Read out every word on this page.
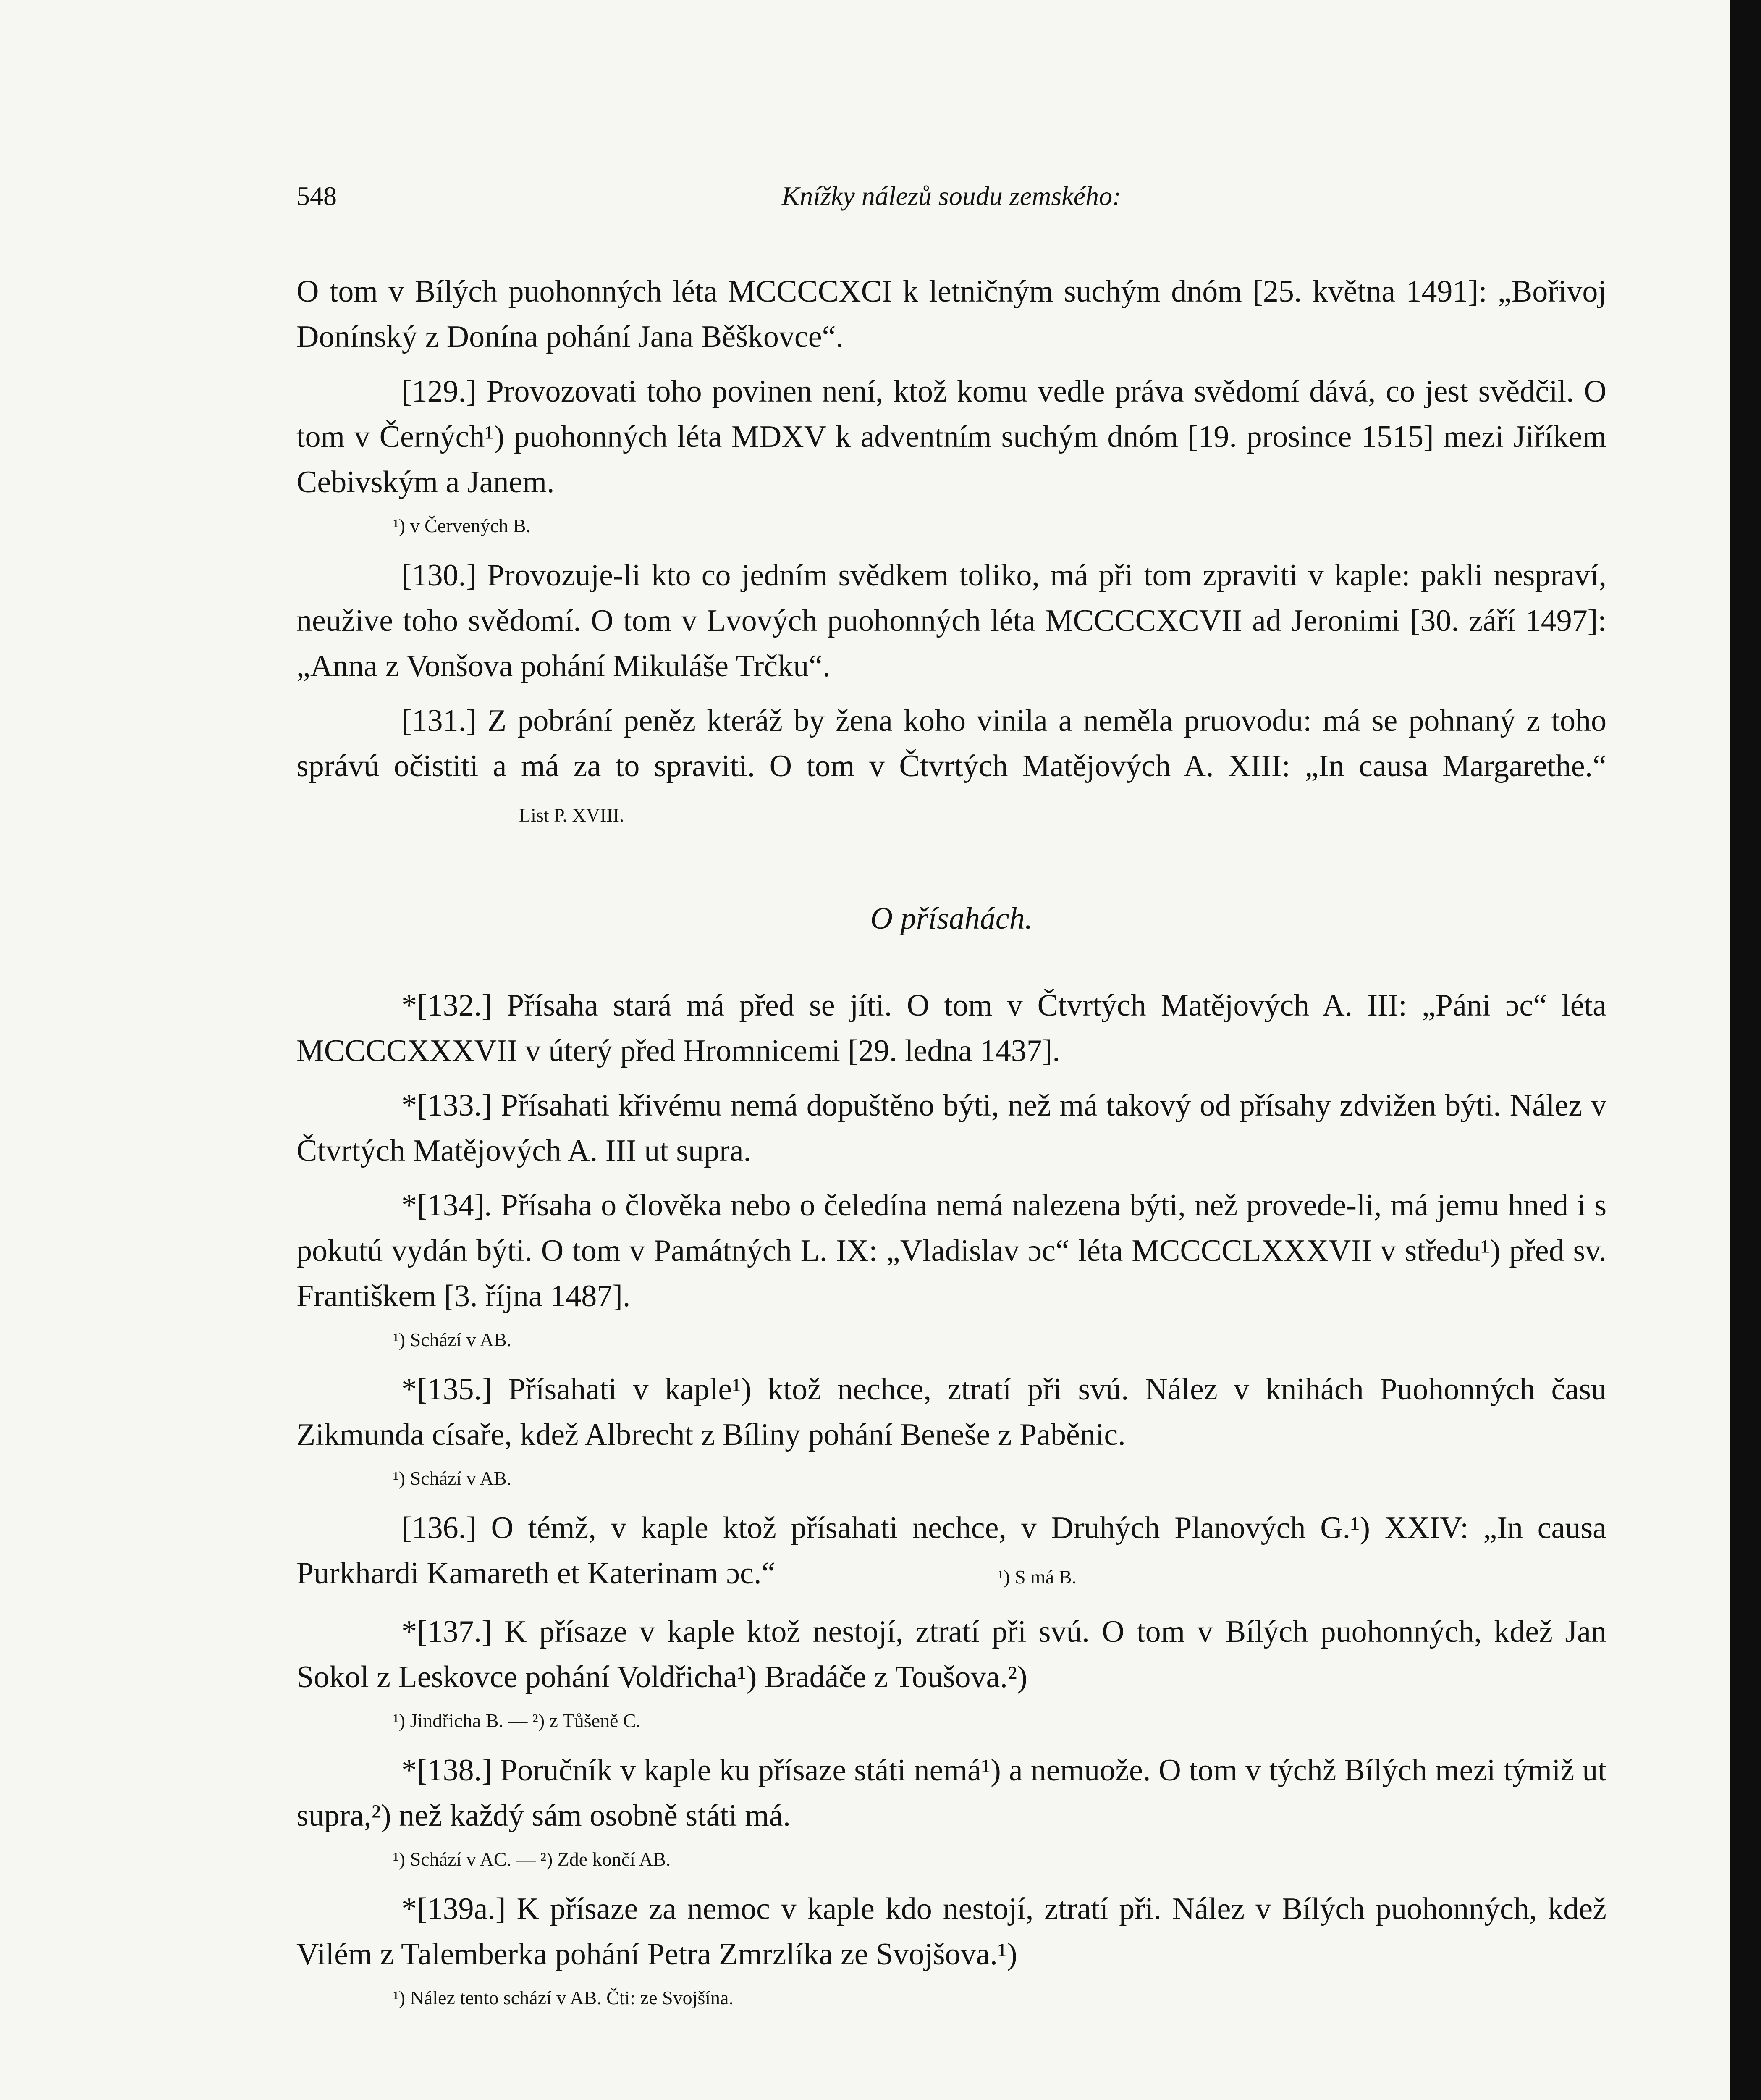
548	Knížky nálezů soudu zemského:

O tom v Bílých puohonných léta MCCCCXCI k letničným suchým dnóm [25. května 1491]: „Bořivoj Donínský z Donína pohání Jana Běškovce“.

[129.] Provozovati toho povinen není, ktož komu vedle práva svědomí dává, co jest svědčil. O tom v Černých¹) puohonných léta MDXV k adventním suchým dnóm [19. prosince 1515] mezi Jiříkem Cebivským a Janem.

¹) v Červených B.

[130.] Provozuje-li kto co jedním svědkem toliko, má při tom zpraviti v kaple: pakli nespraví, neužive toho svědomí. O tom v Lvových puohonných léta MCCCCXCVII ad Jeronimi [30. září 1497]: „Anna z Vonšova pohání Mikuláše Trčku“.

[131.] Z pobrání peněz kteráž by žena koho vinila a neměla pruovodu: má se pohnaný z toho správú očistiti a má za to spraviti. O tom v Čtvrtých Matějových A. XIII: „In causa Margarethe.“List P. XVIII.

O přísahách.

*[132.] Přísaha stará má před se jíti. O tom v Čtvrtých Matějových A. III: „Páni ɔc“ léta MCCCCXXXVII v úterý před Hromnicemi [29. ledna 1437].

*[133.] Přísahati křivému nemá dopuštěno býti, než má takový od přísahy zdvižen býti. Nález v Čtvrtých Matějových A. III ut supra.

*[134]. Přísaha o člověka nebo o čeledína nemá nalezena býti, než provede-li, má jemu hned i s pokutú vydán býti. O tom v Památných L. IX: „Vladislav ɔc“ léta MCCCCLXXXVII v středu¹) před sv. Františkem [3. října 1487].

¹) Schází v AB.

*[135.] Přísahati v kaple¹) ktož nechce, ztratí při svú. Nález v knihách Puohonných času Zikmunda císaře, kdež Albrecht z Bíliny pohání Beneše z Paběnic.

¹) Schází v AB.

[136.] O témž, v kaple ktož přísahati nechce, v Druhých Planových G.¹) XXIV: „In causa Purkhardi Kamareth et Katerinam ɔc.“	¹) S má B.

*[137.] K přísaze v kaple ktož nestojí, ztratí při svú. O tom v Bílých puohonných, kdež Jan Sokol z Leskovce pohání Voldřicha¹) Bradáče z Toušova.²)

¹) Jindřicha B. — ²) z Tůšeně C.

*[138.] Poručník v kaple ku přísaze státi nemá¹) a nemuože. O tom v týchž Bílých mezi týmiž ut supra,²) než každý sám osobně státi má.

¹) Schází v AC. — ²) Zde končí AB.

*[139a.] K přísaze za nemoc v kaple kdo nestojí, ztratí při. Nález v Bílých puohonných, kdež Vilém z Talemberka pohání Petra Zmrzlíka ze Svojšova.¹)

¹) Nález tento schází v AB. Čti: ze Svojšína.
